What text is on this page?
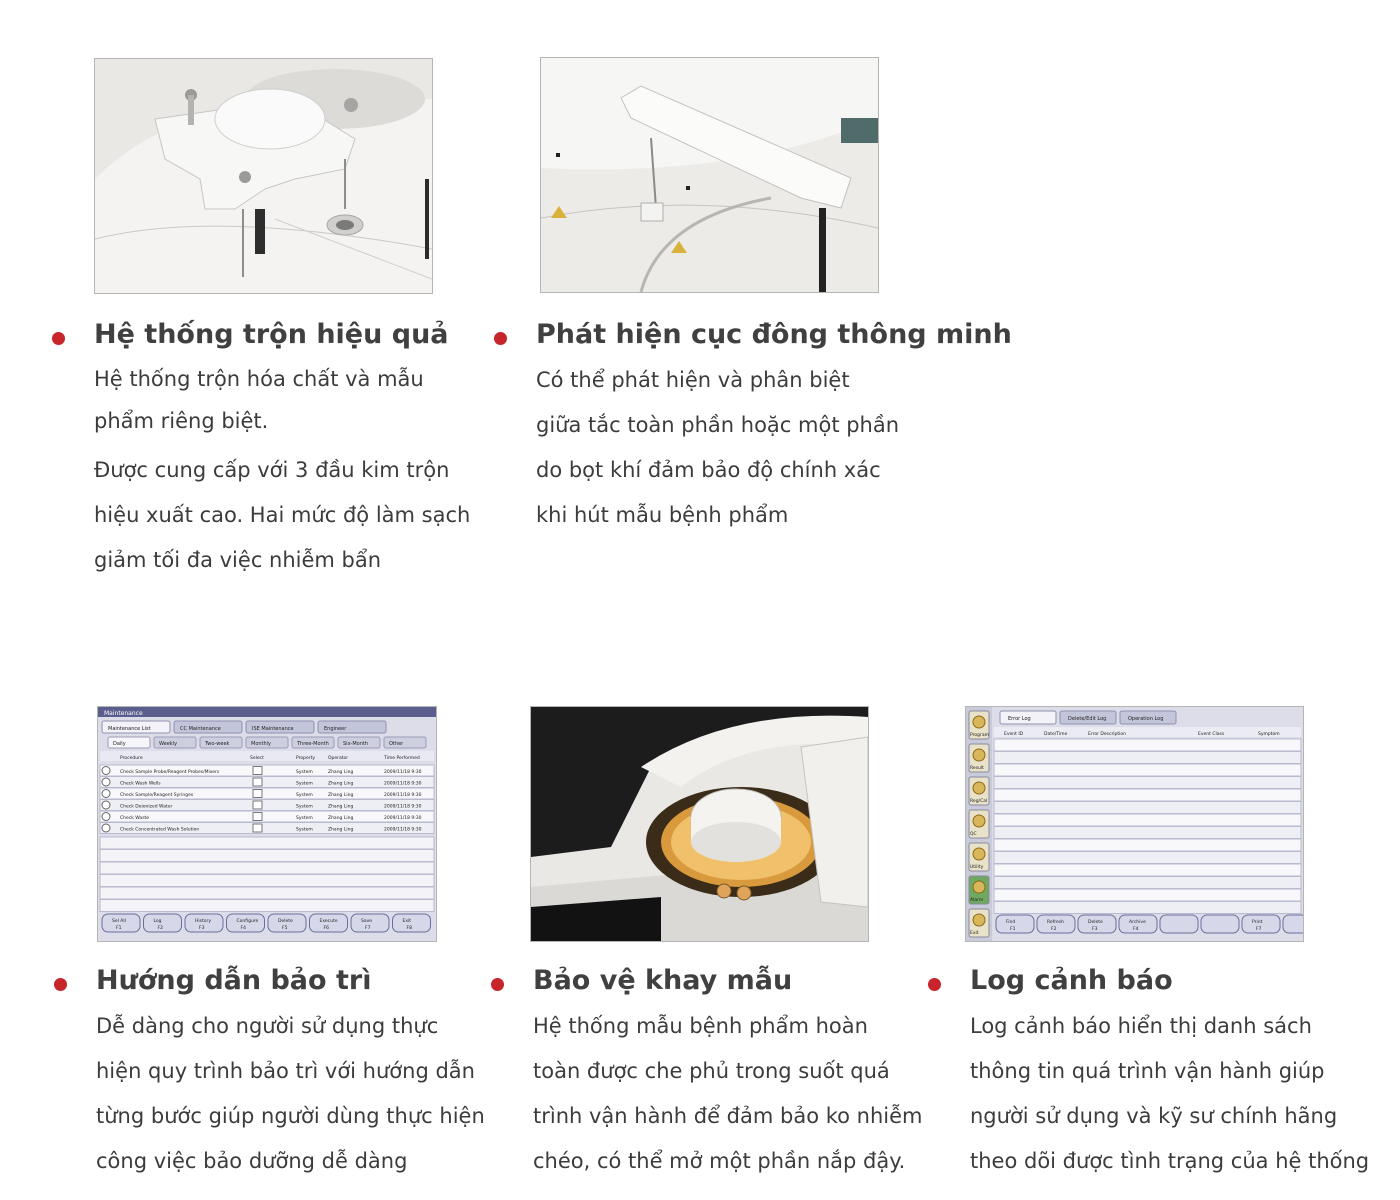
Hệ thống trộn hiệu quả
Hệ thống trộn hóa chất và mẫu
phẩm riêng biệt.
Được cung cấp với 3 đầu kim trộn
hiệu xuất cao. Hai mức độ làm sạch
giảm tối đa việc nhiễm bẩn
Phát hiện cục đông thông minh
Có thể phát hiện và phân biệt
giữa tắc toàn phần hoặc một phần
do bọt khí đảm bảo độ chính xác
khi hút mẫu bệnh phẩm
Maintenance
Maintenance List	CC Maintenance	ISE Maintenance	Engineer
Daily	Weekly	Two-week	Monthly	Three-Month	Six-Month	Other
Procedure	Select	Property	Operator	Time Performed
Check Sample Probe/Reagent Probes/Mixers	System	Zhang Ling	2009/11/18 9:30
Check Wash Wells	System	Zhang Ling	2009/11/18 9:30
Check Sample/Reagent Syringes	System	Zhang Ling	2009/11/18 9:30
Check Deionized Water	System	Zhang Ling	2009/11/18 9:30
Check Waste	System	Zhang Ling	2009/11/18 9:30
Check Concentrated Wash Solution	System	Zhang Ling	2009/11/18 9:30
Sel All
F1
Log
F2
History
F3
Configure
F4
Delete
F5
Execute
F6
Save
F7
Exit
F8
Program
Result
Reg/Cal
QC
Utility
Alarm
Exit
Error Log	Delete/Edit Log	Operation Log
Event ID	Date/Time	Error Description	Event Class	Symptom
Find
F1
Refresh
F2
Delete
F3
Archive
F4
Print
F7
Hướng dẫn bảo trì
Dễ dàng cho người sử dụng thực
hiện quy trình bảo trì với hướng dẫn
từng bước giúp người dùng thực hiện
công việc bảo dưỡng dễ dàng
Bảo vệ khay mẫu
Hệ thống mẫu bệnh phẩm hoàn
toàn được che phủ trong suốt quá
trình vận hành để đảm bảo ko nhiễm
chéo, có thể mở một phần nắp đậy.
Log cảnh báo
Log cảnh báo hiển thị danh sách
thông tin quá trình vận hành giúp
người sử dụng và kỹ sư chính hãng
theo dõi được tình trạng của hệ thống
